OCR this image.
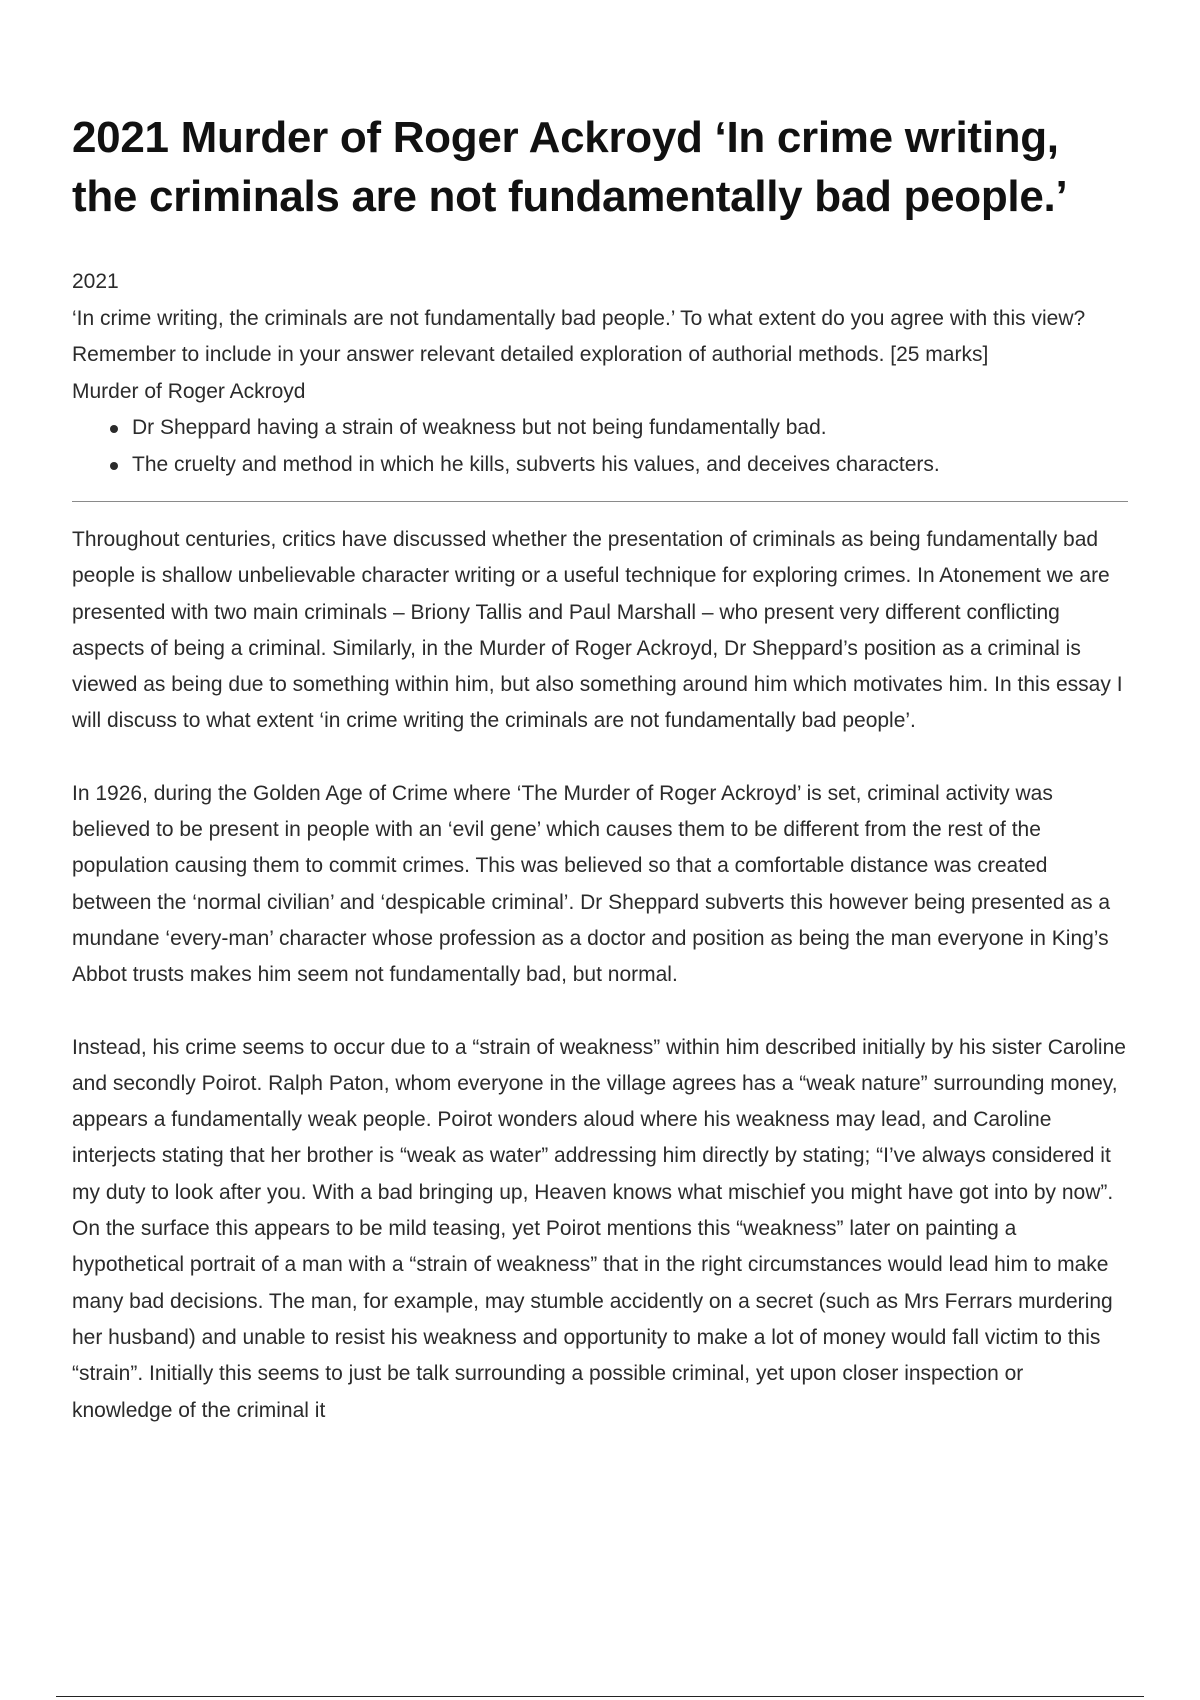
2021 Murder of Roger Ackroyd ‘In crime writing, the criminals are not fundamentally bad people.’

2021

‘In crime writing, the criminals are not fundamentally bad people.’ To what extent do you agree with this view? Remember to include in your answer relevant detailed exploration of authorial methods. [25 marks]

Murder of Roger Ackroyd

Dr Sheppard having a strain of weakness but not being fundamentally bad.
The cruelty and method in which he kills, subverts his values, and deceives characters.

Throughout centuries, critics have discussed whether the presentation of criminals as being fundamentally bad people is shallow unbelievable character writing or a useful technique for exploring crimes. In Atonement we are presented with two main criminals – Briony Tallis and Paul Marshall – who present very different conflicting aspects of being a criminal. Similarly, in the Murder of Roger Ackroyd, Dr Sheppard’s position as a criminal is viewed as being due to something within him, but also something around him which motivates him. In this essay I will discuss to what extent ‘in crime writing the criminals are not fundamentally bad people’.

In 1926, during the Golden Age of Crime where ‘The Murder of Roger Ackroyd’ is set, criminal activity was believed to be present in people with an ‘evil gene’ which causes them to be different from the rest of the population causing them to commit crimes. This was believed so that a comfortable distance was created between the ‘normal civilian’ and ‘despicable criminal’. Dr Sheppard subverts this however being presented as a mundane ‘every-man’ character whose profession as a doctor and position as being the man everyone in King’s Abbot trusts makes him seem not fundamentally bad, but normal.

Instead, his crime seems to occur due to a “strain of weakness” within him described initially by his sister Caroline and secondly Poirot. Ralph Paton, whom everyone in the village agrees has a “weak nature” surrounding money, appears a fundamentally weak people. Poirot wonders aloud where his weakness may lead, and Caroline interjects stating that her brother is “weak as water” addressing him directly by stating; “I’ve always considered it my duty to look after you. With a bad bringing up, Heaven knows what mischief you might have got into by now”. On the surface this appears to be mild teasing, yet Poirot mentions this “weakness” later on painting a hypothetical portrait of a man with a “strain of weakness” that in the right circumstances would lead him to make many bad decisions. The man, for example, may stumble accidently on a secret (such as Mrs Ferrars murdering her husband) and unable to resist his weakness and opportunity to make a lot of money would fall victim to this “strain”. Initially this seems to just be talk surrounding a possible criminal, yet upon closer inspection or knowledge of the criminal it
